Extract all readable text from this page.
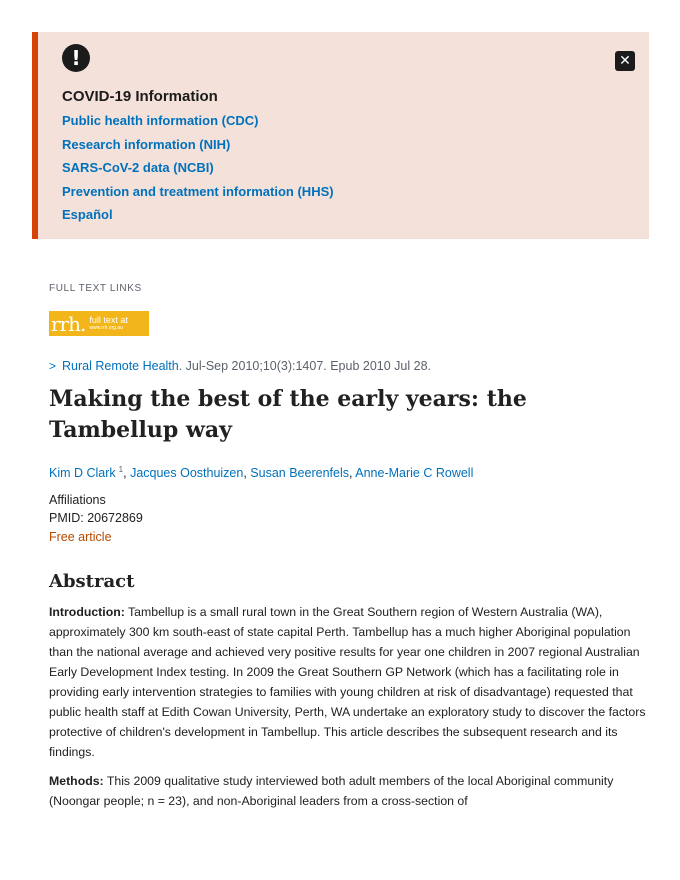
!	✕
COVID-19 Information
Public health information (CDC)
Research information (NIH)
SARS-CoV-2 data (NCBI)
Prevention and treatment information (HHS)
Español
FULL TEXT LINKS
rrh. full text at
www.rrh.org.au
> Rural Remote Health. Jul-Sep 2010;10(3):1407. Epub 2010 Jul 28.
Making the best of the early years: the Tambellup way
Kim D Clark $^1$, Jacques Oosthuizen, Susan Beerenfels, Anne-Marie C Rowell
Affiliations
PMID: 20672869
Free article
Abstract

Introduction: Tambellup is a small rural town in the Great Southern region of Western Australia (WA), approximately 300 km south-east of state capital Perth. Tambellup has a much higher Aboriginal population than the national average and achieved very positive results for year one children in 2007 regional Australian Early Development Index testing. In 2009 the Great Southern GP Network (which has a facilitating role in providing early intervention strategies to families with young children at risk of disadvantage) requested that public health staff at Edith Cowan University, Perth, WA undertake an exploratory study to discover the factors protective of children's development in Tambellup. This article describes the subsequent research and its findings.

Methods: This 2009 qualitative study interviewed both adult members of the local Aboriginal community (Noongar people; n = 23), and non-Aboriginal leaders from a cross-section of
